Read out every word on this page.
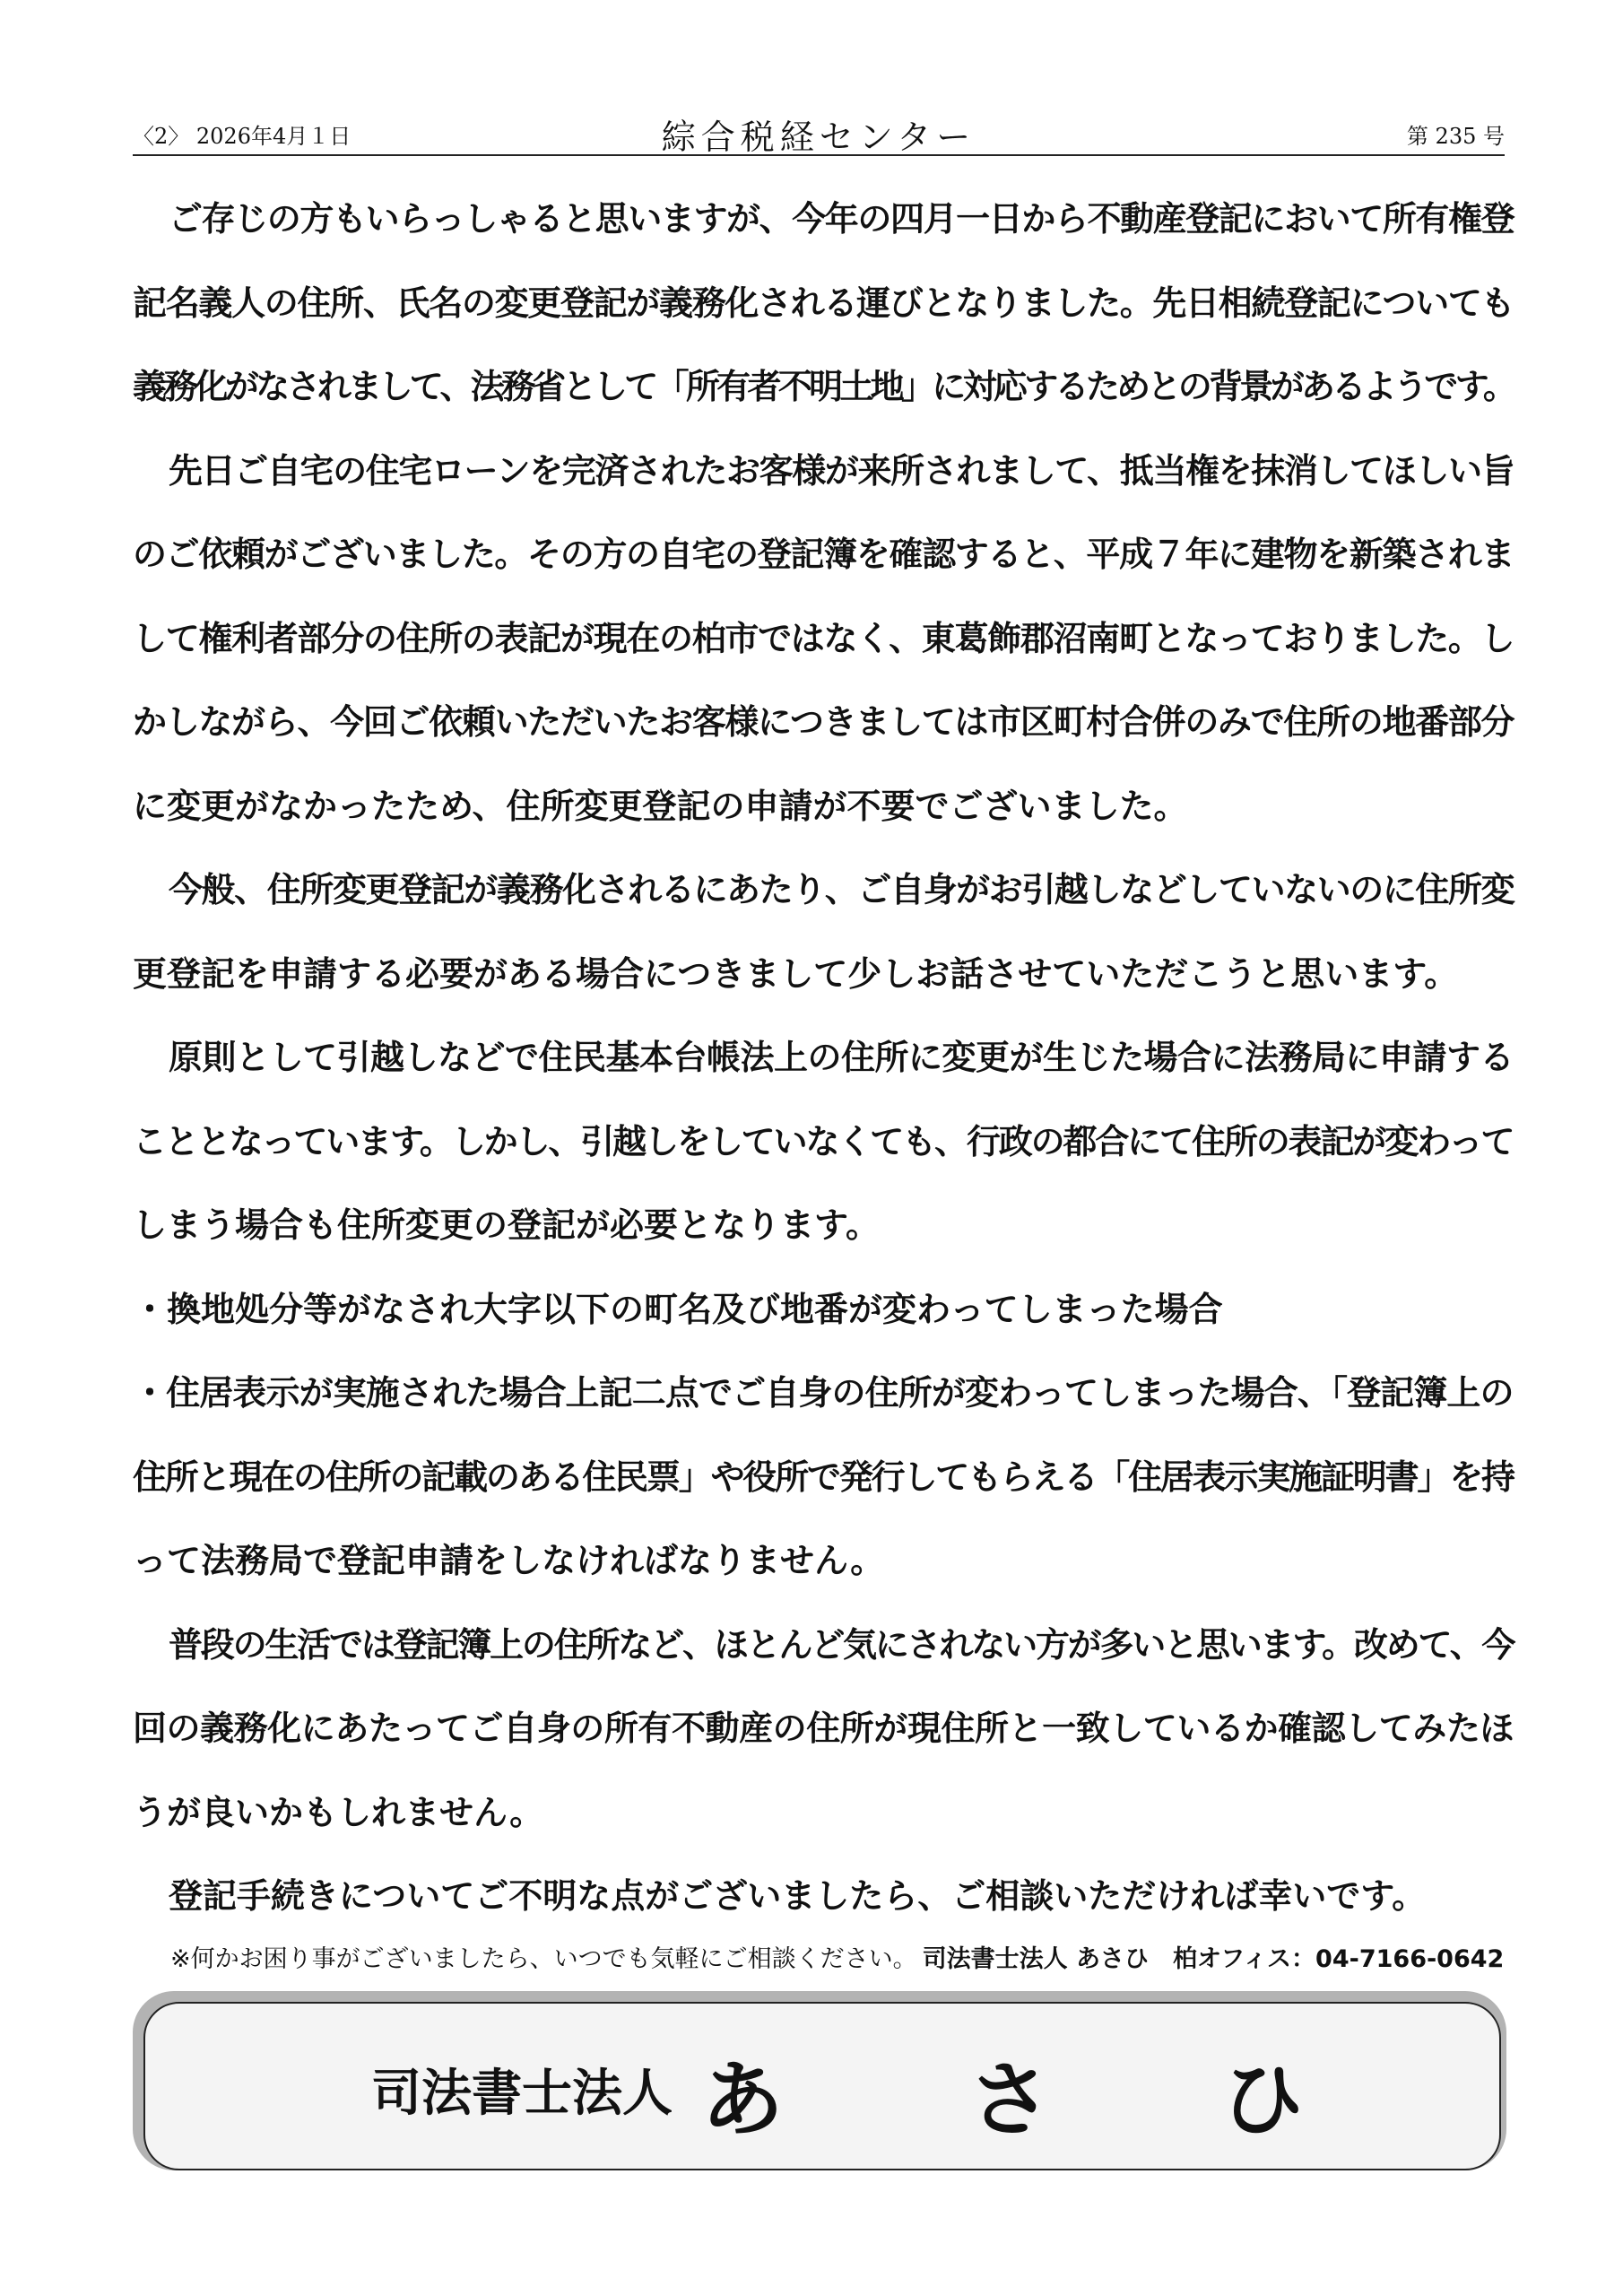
〈2〉 2026年4月１日	綜合税経センター	第 235 号

ご存じの方もいらっしゃると思いますが、今年の四月一日から不動産登記において所有権登

記名義人の住所、氏名の変更登記が義務化される運びとなりました。先日相続登記についても

義務化がなされまして、法務省として「所有者不明土地」に対応するためとの背景があるようです。

先日ご自宅の住宅ローンを完済されたお客様が来所されまして、抵当権を抹消してほしい旨

のご依頼がございました。その方の自宅の登記簿を確認すると、平成７年に建物を新築されま

して権利者部分の住所の表記が現在の柏市ではなく、東葛飾郡沼南町となっておりました。し

かしながら、今回ご依頼いただいたお客様につきましては市区町村合併のみで住所の地番部分

に変更がなかったため、住所変更登記の申請が不要でございました。

今般、住所変更登記が義務化されるにあたり、ご自身がお引越しなどしていないのに住所変

更登記を申請する必要がある場合につきまして少しお話させていただこうと思います。

原則として引越しなどで住民基本台帳法上の住所に変更が生じた場合に法務局に申請する

こととなっています。しかし、引越しをしていなくても、行政の都合にて住所の表記が変わって

しまう場合も住所変更の登記が必要となります。

・換地処分等がなされ大字以下の町名及び地番が変わってしまった場合

・住居表示が実施された場合上記二点でご自身の住所が変わってしまった場合、「登記簿上の

住所と現在の住所の記載のある住民票」や役所で発行してもらえる「住居表示実施証明書」を持

って法務局で登記申請をしなければなりません。

普段の生活では登記簿上の住所など、ほとんど気にされない方が多いと思います。改めて、今

回の義務化にあたってご自身の所有不動産の住所が現住所と一致しているか確認してみたほ

うが良いかもしれません。

登記手続きについてご不明な点がございましたら、ご相談いただければ幸いです。

※何かお困り事がございましたら、いつでも気軽にご相談ください。 司法書士法人 あさひ　柏オフィス：04-7166-0642
司法書士法人 あ さ ひ
